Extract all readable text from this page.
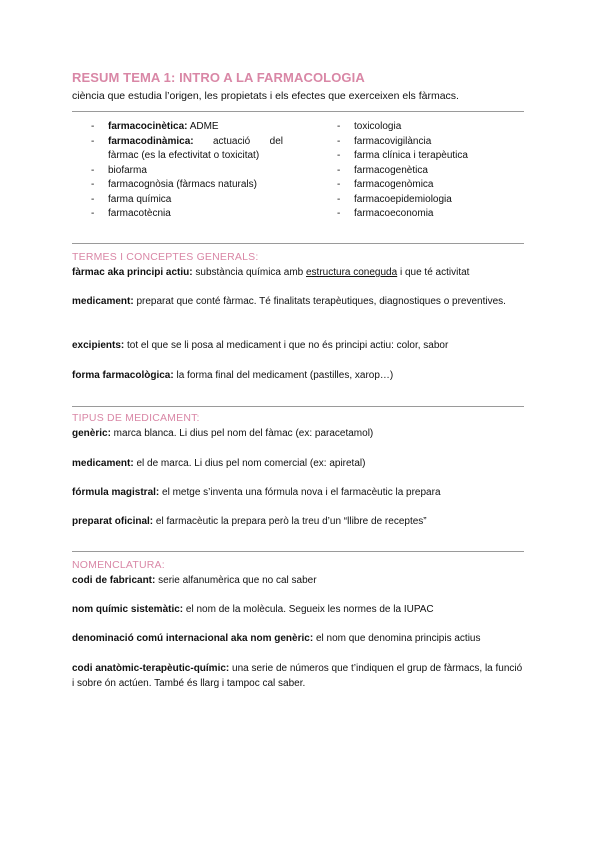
RESUM TEMA 1: INTRO A LA FARMACOLOGIA
ciència que estudia l’origen, les propietats i els efectes que exerceixen els fàrmacs.
- farmacocinètica: ADME
- farmacodinàmica: actuació del fàrmac (es la efectivitat o toxicitat)
- biofarma
- farmacognòsia (fàrmacs naturals)
- farma química
- farmacotècnia
- toxicologia
- farmacovigilància
- farma clínica i terapèutica
- farmacogenètica
- farmacogenòmica
- farmacoepidemiologia
- farmacoeconomia
TERMES I CONCEPTES GENERALS:
fàrmac aka principi actiu: substància química amb estructura coneguda i que té activitat
medicament: preparat que conté fàrmac. Té finalitats terapèutiques, diagnostiques o preventives.
excipients: tot el que se li posa al medicament i que no és principi actiu: color, sabor
forma farmacològica: la forma final del medicament (pastilles, xarop…)
TIPUS DE MEDICAMENT:
genèric: marca blanca. Li dius pel nom del fàmac (ex: paracetamol)
medicament: el de marca. Li dius pel nom comercial (ex: apiretal)
fórmula magistral: el metge s’inventa una fórmula nova i el farmacèutic la prepara
preparat oficinal: el farmacèutic la prepara però la treu d’un “llibre de receptes”
NOMENCLATURA:
codi de fabricant: serie alfanumèrica que no cal saber
nom químic sistemàtic: el nom de la molècula. Segueix les normes de la IUPAC
denominació comú internacional aka nom genèric: el nom que denomina principis actius
codi anatòmic-terapèutic-químic: una serie de números que t’indiquen el grup de fàrmacs, la funció i sobre ón actúen. També és llarg i tampoc cal saber.
